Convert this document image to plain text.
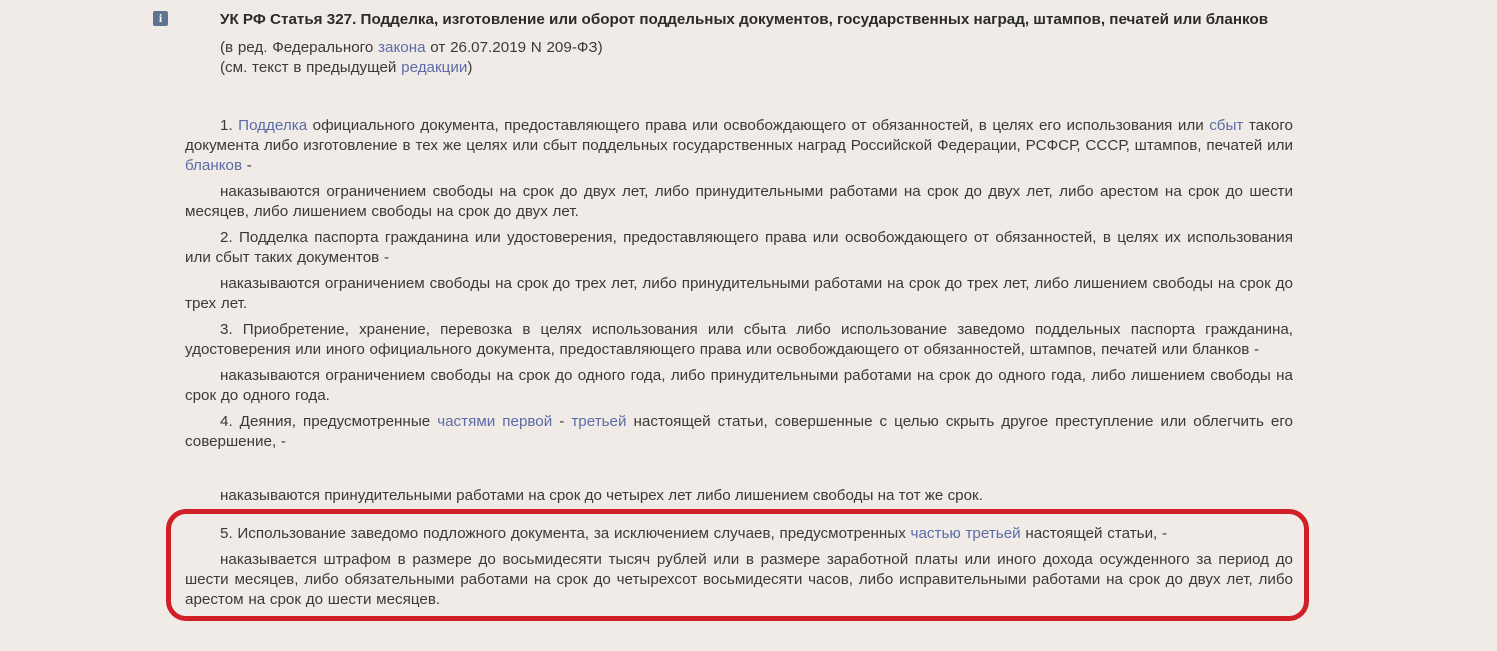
i	УК РФ Статья 327. Подделка, изготовление или оборот поддельных документов, государственных наград, штампов, печатей или бланков

(в ред. Федерального закона от 26.07.2019 N 209-ФЗ)

(см. текст в предыдущей редакции)

1. Подделка официального документа, предоставляющего права или освобождающего от обязанностей, в целях его использования или сбыт такого документа либо изготовление в тех же целях или сбыт поддельных государственных наград Российской Федерации, РСФСР, СССР, штампов, печатей или бланков -

наказываются ограничением свободы на срок до двух лет, либо принудительными работами на срок до двух лет, либо арестом на срок до шести месяцев, либо лишением свободы на срок до двух лет.

2. Подделка паспорта гражданина или удостоверения, предоставляющего права или освобождающего от обязанностей, в целях их использования или сбыт таких документов -

наказываются ограничением свободы на срок до трех лет, либо принудительными работами на срок до трех лет, либо лишением свободы на срок до трех лет.

3. Приобретение, хранение, перевозка в целях использования или сбыта либо использование заведомо поддельных паспорта гражданина, удостоверения или иного официального документа, предоставляющего права или освобождающего от обязанностей, штампов, печатей или бланков -

наказываются ограничением свободы на срок до одного года, либо принудительными работами на срок до одного года, либо лишением свободы на срок до одного года.

4. Деяния, предусмотренные частями первой - третьей настоящей статьи, совершенные с целью скрыть другое преступление или облегчить его совершение, -

наказываются принудительными работами на срок до четырех лет либо лишением свободы на тот же срок.

5. Использование заведомо подложного документа, за исключением случаев, предусмотренных частью третьей настоящей статьи, -

наказывается штрафом в размере до восьмидесяти тысяч рублей или в размере заработной платы или иного дохода осужденного за период до шести месяцев, либо обязательными работами на срок до четырехсот восьмидесяти часов, либо исправительными работами на срок до двух лет, либо арестом на срок до шести месяцев.
